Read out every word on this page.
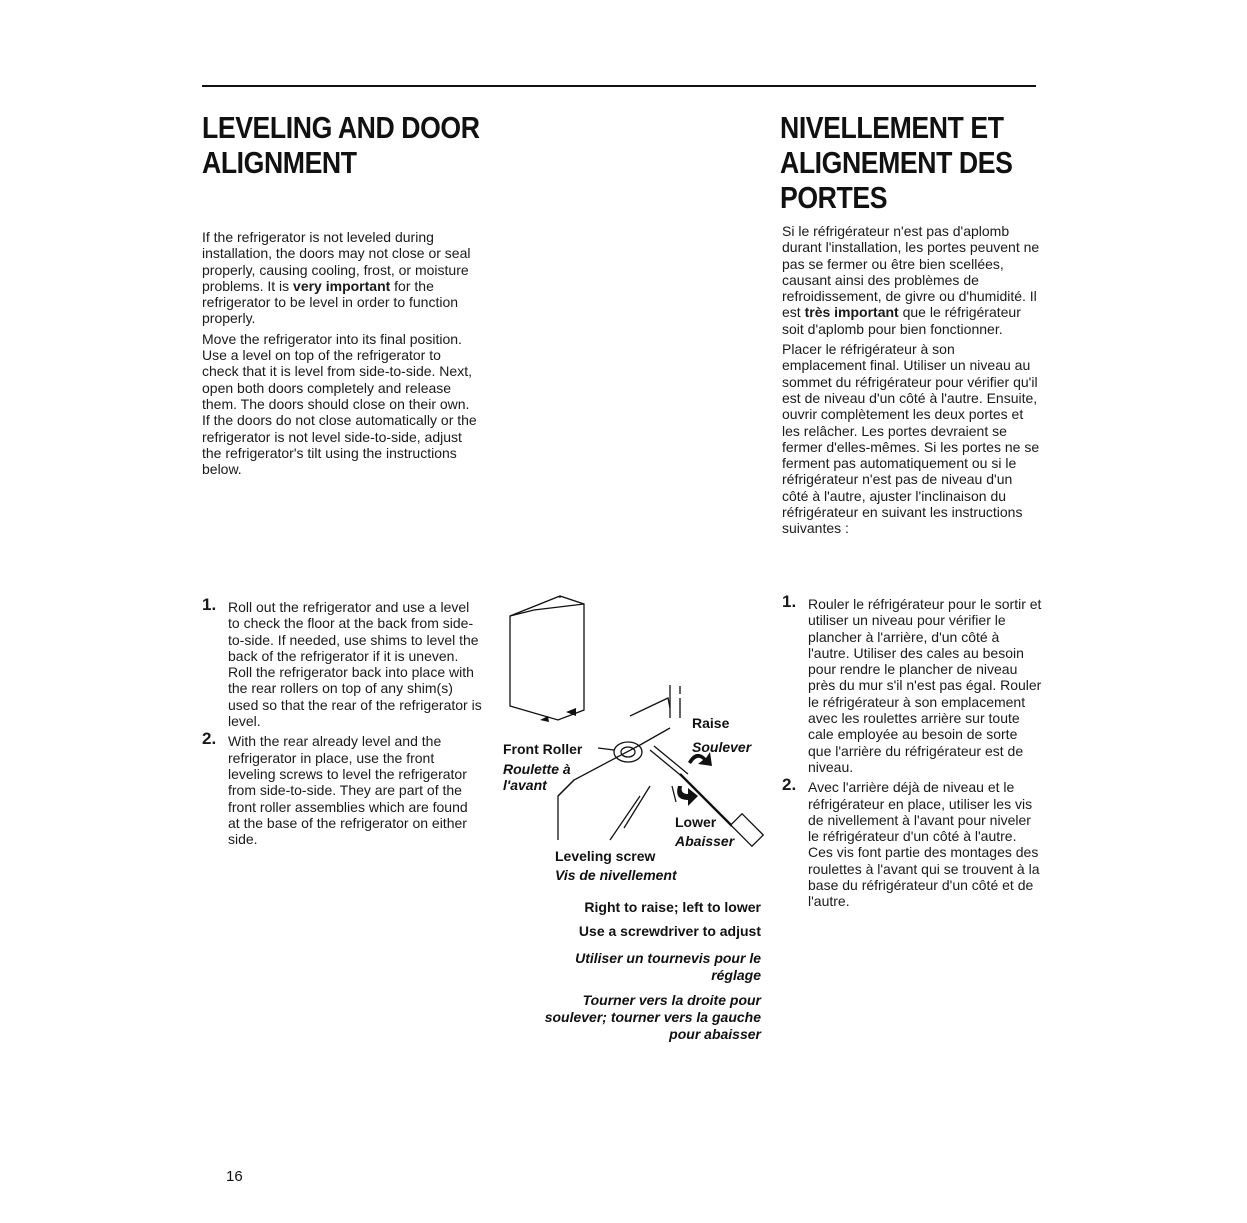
LEVELING AND DOOR
ALIGNMENT

If the refrigerator is not leveled during installation, the doors may not close or seal properly, causing cooling, frost, or moisture problems. It is very important for the refrigerator to be level in order to function properly.

Move the refrigerator into its final position. Use a level on top of the refrigerator to check that it is level from side-to-side. Next, open both doors completely and release them. The doors should close on their own. If the doors do not close automatically or the refrigerator is not level side-to-side, adjust the refrigerator's tilt using the instructions below.

1. Roll out the refrigerator and use a level to check the floor at the back from side-to-side. If needed, use shims to level the back of the refrigerator if it is uneven. Roll the refrigerator back into place with the rear rollers on top of any shim(s) used so that the rear of the refrigerator is level.
2. With the rear already level and the refrigerator in place, use the front leveling screws to level the refrigerator from side-to-side. They are part of the front roller assemblies which are found at the base of the refrigerator on either side.
Raise
Soulever
Front Roller
Roulette à
l'avant
Lower
Abaisser
Leveling screw
Vis de nivellement
Right to raise; left to lower
Use a screwdriver to adjust
Utiliser un tournevis pour le réglage
Tourner vers la droite pour soulever; tourner vers la gauche pour abaisser
NIVELLEMENT ET
ALIGNEMENT DES
PORTES

Si le réfrigérateur n'est pas d'aplomb durant l'installation, les portes peuvent ne pas se fermer ou être bien scellées, causant ainsi des problèmes de refroidissement, de givre ou d'humidité. Il est très important que le réfrigérateur soit d'aplomb pour bien fonctionner.

Placer le réfrigérateur à son emplacement final. Utiliser un niveau au sommet du réfrigérateur pour vérifier qu'il est de niveau d'un côté à l'autre. Ensuite, ouvrir complètement les deux portes et les relâcher. Les portes devraient se fermer d'elles-mêmes. Si les portes ne se ferment pas automatiquement ou si le réfrigérateur n'est pas de niveau d'un côté à l'autre, ajuster l'inclinaison du réfrigérateur en suivant les instructions suivantes :

1. Rouler le réfrigérateur pour le sortir et utiliser un niveau pour vérifier le plancher à l'arrière, d'un côté à l'autre. Utiliser des cales au besoin pour rendre le plancher de niveau près du mur s'il n'est pas égal. Rouler le réfrigérateur à son emplacement avec les roulettes arrière sur toute cale employée au besoin de sorte que l'arrière du réfrigérateur est de niveau.
2. Avec l'arrière déjà de niveau et le réfrigérateur en place, utiliser les vis de nivellement à l'avant pour niveler le réfrigérateur d'un côté à l'autre. Ces vis font partie des montages des roulettes à l'avant qui se trouvent à la base du réfrigérateur d'un côté et de l'autre.
16
